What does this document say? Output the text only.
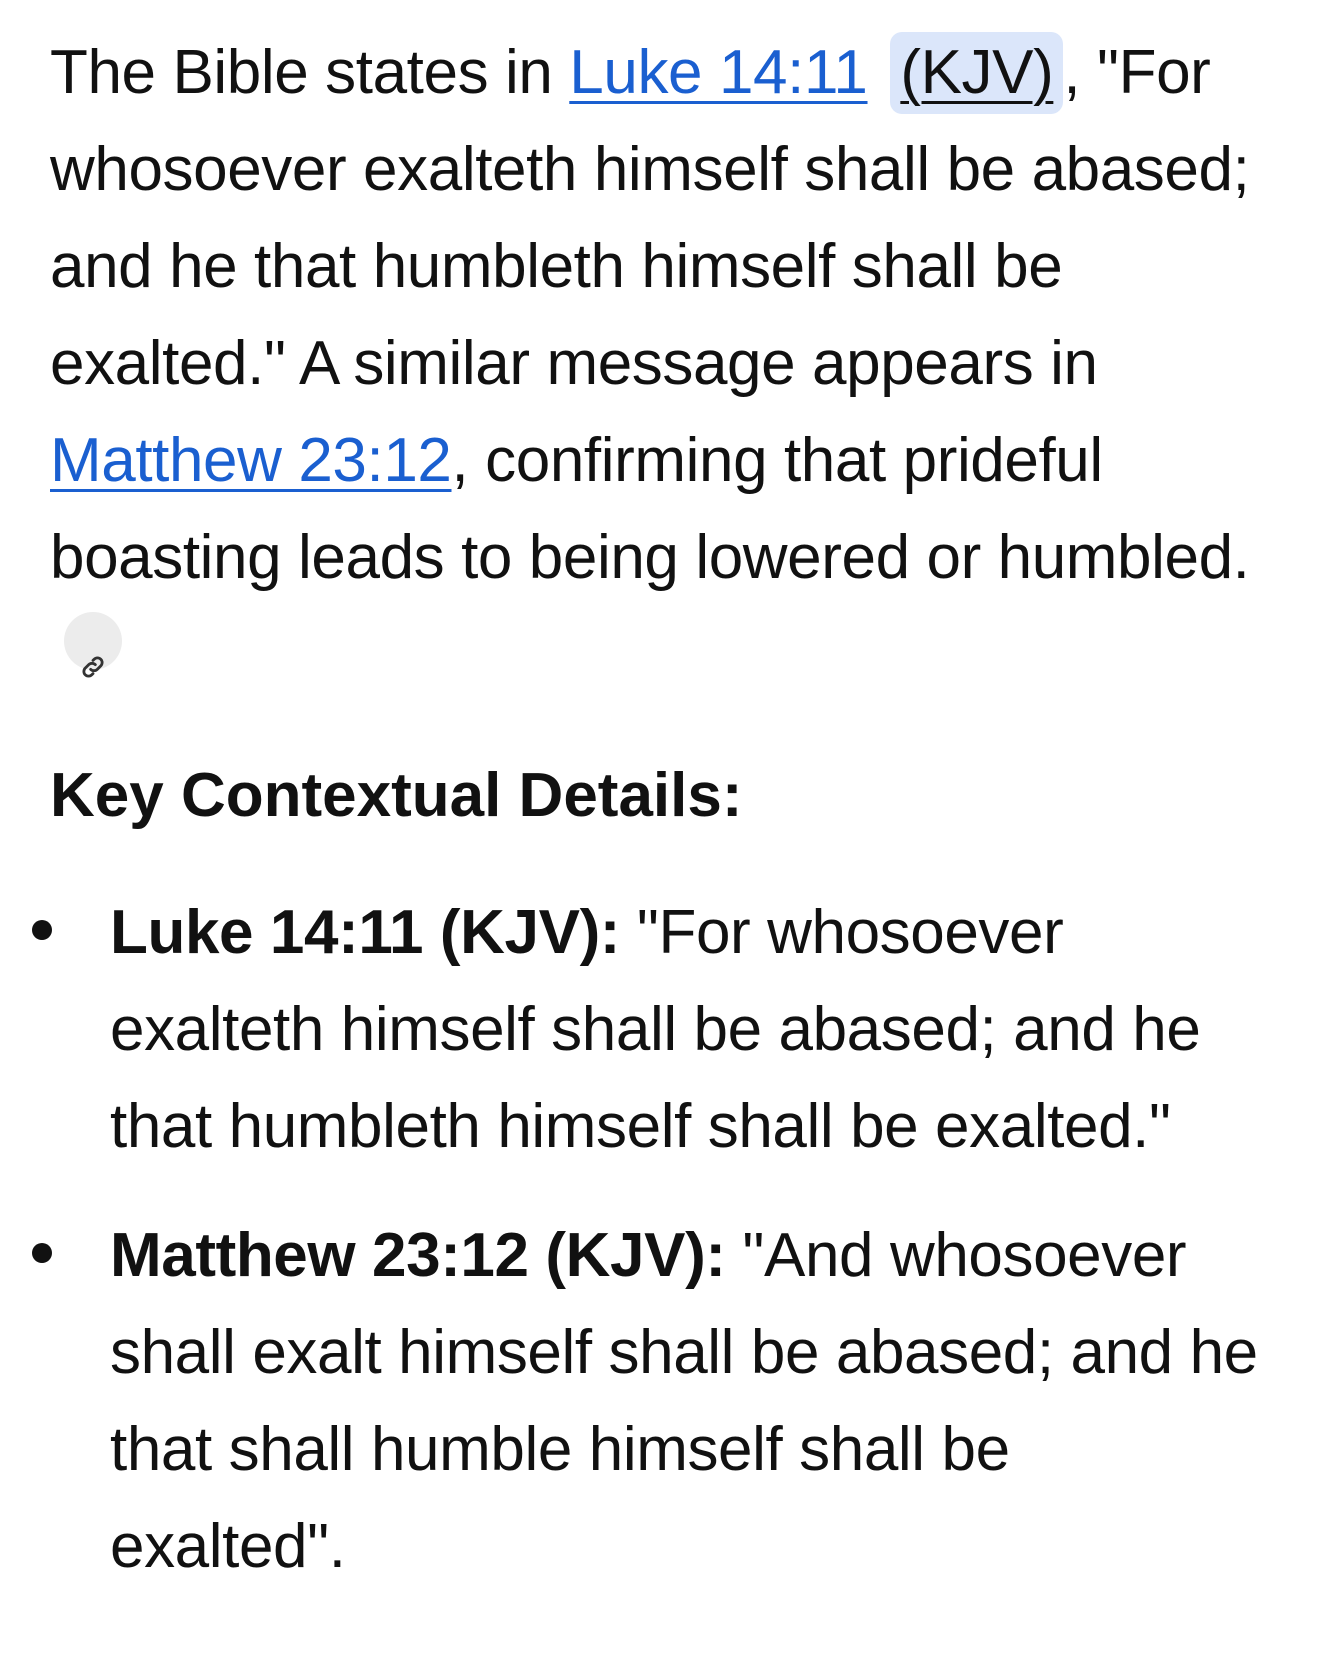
The Bible states in Luke 14:11 (KJV) , "For whosoever exalteth himself shall be abased; and he that humbleth himself shall be exalted." A similar message appears in Matthew 23:12, confirming that prideful boasting leads to being lowered or humbled.

Key Contextual Details:
Luke 14:11 (KJV): "For whosoever exalteth himself shall be abased; and he that humbleth himself shall be exalted."
Matthew 23:12 (KJV): "And whosoever shall exalt himself shall be abased; and he that shall humble himself shall be exalted".
